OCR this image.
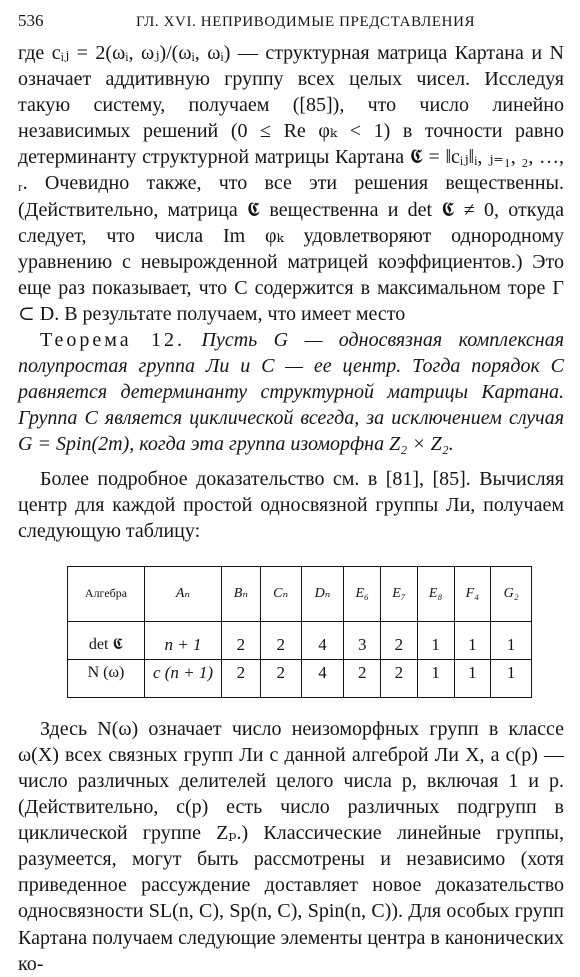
536	ГЛ. XVI. НЕПРИВОДИМЫЕ ПРЕДСТАВЛЕНИЯ

где cᵢⱼ = 2(ωᵢ, ωⱼ)/(ωᵢ, ωᵢ) — структурная матрица Картана и N означает аддитивную группу всех целых чисел. Исследуя такую систему, получаем ([85]), что число линейно независимых решений (0 ≤ Re φₖ < 1) в точности равно детерминанту структурной матрицы Картана 𝕮 = ‖cᵢⱼ‖ᵢ, ⱼ₌₁, ₂, …, ᵣ. Очевидно также, что все эти решения вещественны. (Действительно, матрица 𝕮 вещественна и det 𝕮 ≠ 0, откуда следует, что числа Im φₖ удовлетворяют однородному уравнению с невырожденной матрицей коэффициентов.) Это еще раз показывает, что C содержится в максимальном торе Γ ⊂ D. В результате получаем, что имеет место

Теорема 12. Пусть G — односвязная комплексная полупростая группа Ли и C — ее центр. Тогда порядок C равняется детерминанту структурной матрицы Картана. Группа C является циклической всегда, за исключением случая G = Spin(2m), когда эта группа изоморфна Z₂ × Z₂.

Более подробное доказательство см. в [81], [85]. Вычисляя центр для каждой простой односвязной группы Ли, получаем следующую таблицу:

Алгебра	Aₙ	Bₙ	Cₙ	Dₙ	E₆	E₇	E₈	F₄	G₂
det 𝕮	n + 1	2	2	4	3	2	1	1	1
N (ω)	c (n + 1)	2	2	4	2	2	1	1	1

Здесь N(ω) означает число неизоморфных групп в классе ω(X) всех связных групп Ли с данной алгеброй Ли X, а c(p) — число различных делителей целого числа p, включая 1 и p. (Действительно, c(p) есть число различных подгрупп в циклической группе Zₚ.) Классические линейные группы, разумеется, могут быть рассмотрены и независимо (хотя приведенное рассуждение доставляет новое доказательство односвязности SL(n, C), Sp(n, C), Spin(n, C)). Для особых групп Картана получаем следующие элементы центра в канонических ко-
